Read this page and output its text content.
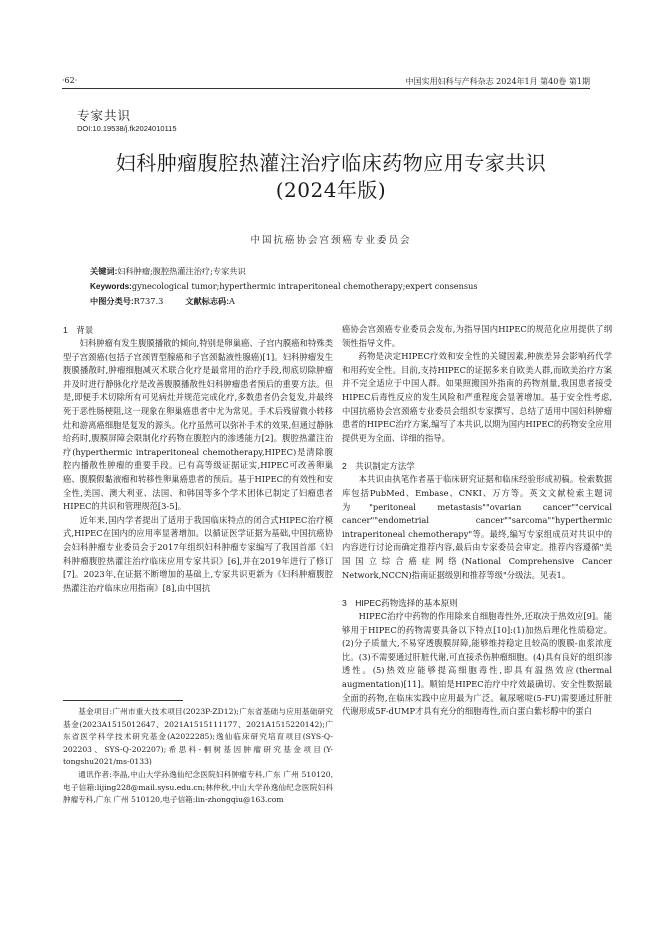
·62·	中国实用妇科与产科杂志 2024年1月 第40卷 第1期
专家共识
DOI:10.19538/j.fk2024010115
妇科肿瘤腹腔热灌注治疗临床药物应用专家共识
(2024年版)
中国抗癌协会宫颈癌专业委员会
关键词:妇科肿瘤;腹腔热灌注治疗;专家共识
Keywords:gynecological tumor;hyperthermic intraperitoneal chemotherapy;expert consensus
中图分类号:R737.3	文献标志码:A
1　背景

妇科肿瘤有发生腹膜播散的倾向,特别是卵巢癌、子宫内膜癌和特殊类型子宫颈癌(包括子宫颈胃型腺癌和子宫颈黏液性腺癌)[1]。妇科肿瘤发生腹膜播散时,肿瘤细胞减灭术联合化疗是最常用的治疗手段,彻底切除肿瘤并及时进行静脉化疗是改善腹膜播散性妇科肿瘤患者预后的重要方法。但是,即便手术切除所有可见病灶并规范完成化疗,多数患者仍会复发,并最终死于恶性肠梗阻,这一现象在卵巢癌患者中尤为常见。手术后残留微小转移灶和游离癌细胞是复发的源头。化疗虽然可以弥补手术的效果,但通过静脉给药时,腹膜屏障会限制化疗药物在腹腔内的渗透能力[2]。腹腔热灌注治疗(hyperthermic intraperitoneal chemotherapy,HIPEC)是清除腹腔内播散性肿瘤的重要手段。已有高等级证据证实,HIPEC可改善卵巢癌、腹膜假黏液瘤和转移性卵巢癌患者的预后。基于HIPEC的有效性和安全性,美国、澳大利亚、法国、和韩国等多个学术团体已制定了妇瘤患者HIPEC的共识和管理规范[3-5]。

近年来,国内学者提出了适用于我国临床特点的闭合式HIPEC治疗模式,HIPEC在国内的应用率显著增加。以循证医学证据为基础,中国抗癌协会妇科肿瘤专业委员会于2017年组织妇科肿瘤专家编写了我国首部《妇科肿瘤腹腔热灌注治疗临床应用专家共识》[6],并在2019年进行了修订[7]。2023年,在证据不断增加的基础上,专家共识更新为《妇科肿瘤腹腔热灌注治疗临床应用指南》[8],由中国抗

基金项目:广州市重大技术项目(2023P-ZD12);广东省基础与应用基础研究基金(2023A1515012647、2021A1515111177、2021A1515220142);广东省医学科学技术研究基金(A2022285);逸仙临床研究培育项目(SYS-Q-202203、SYS-Q-202207);希思科-桐树基因肿瘤研究基金项目(Y-tongshu2021/ms-0133)

通讯作者:李晶,中山大学孙逸仙纪念医院妇科肿瘤专科,广东 广州 510120,电子信箱:lijing228@mail.sysu.edu.cn;林仲秋,中山大学孙逸仙纪念医院妇科肿瘤专科,广东 广州 510120,电子信箱:lin-zhongqiu@163.com

癌协会宫颈癌专业委员会发布,为指导国内HIPEC的规范化应用提供了纲领性指导文件。

药物是决定HIPEC疗效和安全性的关键因素,种族差异会影响药代学和用药安全性。目前,支持HIPEC的证据多来自欧美人群,而欧美治疗方案并不完全适应于中国人群。如果照搬国外指南的药物剂量,我国患者接受HIPEC后毒性反应的发生风险和严重程度会显著增加。基于安全性考虑,中国抗癌协会宫颈癌专业委员会组织专家撰写、总结了适用中国妇科肿瘤患者的HIPEC治疗方案,编写了本共识,以期为国内HIPEC的药物安全应用提供更为全面、详细的指导。

2　共识制定方法学

本共识由执笔作者基于临床研究证据和临床经验形成初稿。检索数据库包括PubMed、Embase、CNKI、万方等。英文文献检索主题词为"peritoneal metastasis""ovarian cancer""cervical cancer""endometrial cancer""sarcoma""hyperthermic intraperitoneal chemotherapy"等。最终,编写专家组成员对共识中的内容进行讨论而确定推荐内容,最后由专家委员会审定。推荐内容遵循"美国国立综合癌症网络(National Comprehensive Cancer Network,NCCN)指南证据级别和推荐等级"分级法。见表1。

3　HIPEC药物选择的基本原则

HIPEC治疗中药物的作用除来自细胞毒性外,还取决于热效应[9]。能够用于HIPEC的药物需要具备以下特点[10]:(1)加热后理化性质稳定。(2)分子质量大,不易穿透腹膜屏障,能够维持稳定且较高的腹膜-血浆浓度比。(3)不需要通过肝脏代谢,可直接杀伤肿瘤细胞。(4)具有良好的组织渗透性。(5)热效应能够提高细胞毒性,即具有温热效应(thermal augmentation)[11]。顺铂是HIPEC治疗中疗效最确切、安全性数据最全面的药物,在临床实践中应用最为广泛。氟尿嘧啶(5-FU)需要通过肝脏代谢形成5F-dUMP才具有充分的细胞毒性,而白蛋白紫杉醇中的蛋白
